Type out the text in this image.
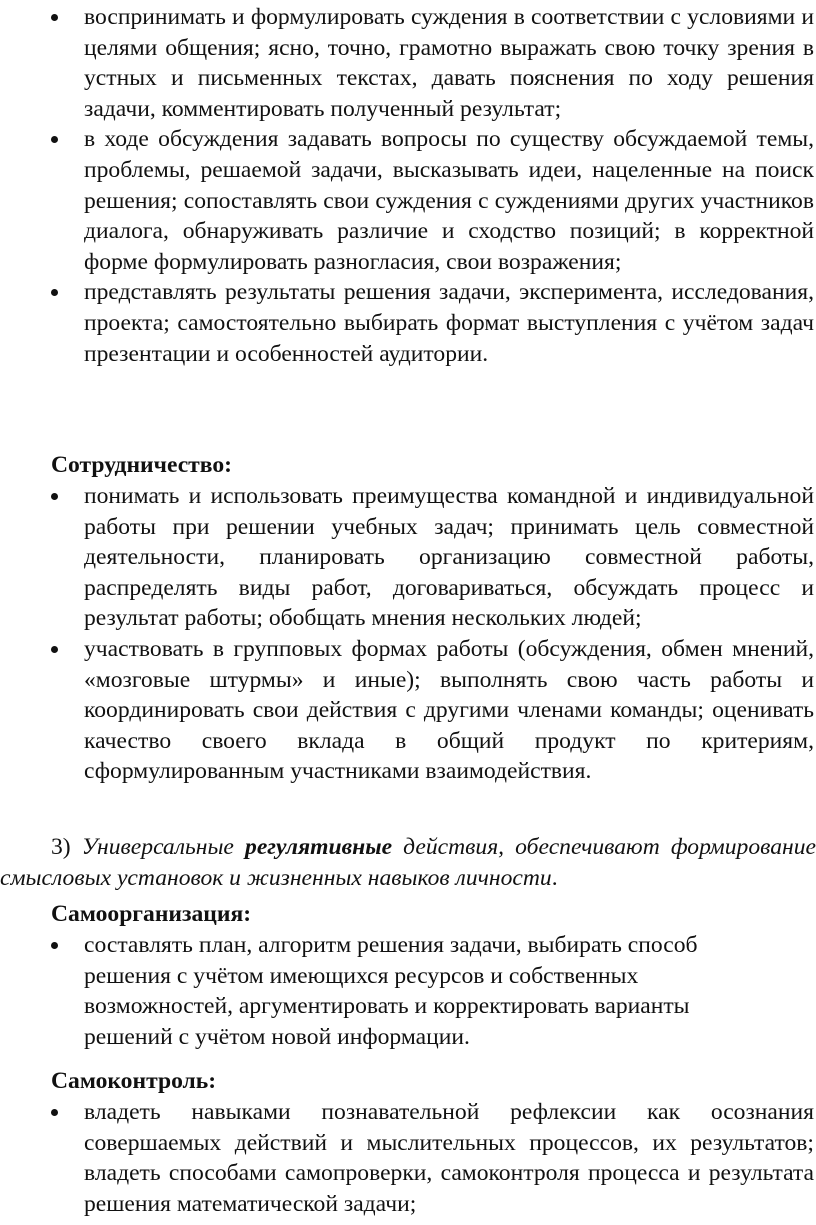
воспринимать и формулировать суждения в соответствии с условиями и целями общения; ясно, точно, грамотно выражать свою точку зрения в устных и письменных текстах, давать пояснения по ходу решения задачи, комментировать полученный результат;
в ходе обсуждения задавать вопросы по существу обсуждаемой темы, проблемы, решаемой задачи, высказывать идеи, нацеленные на поиск решения; сопоставлять свои суждения с суждениями других участников диалога, обнаруживать различие и сходство позиций; в корректной форме формулировать разногласия, свои возражения;
представлять результаты решения задачи, эксперимента, исследования, проекта; самостоятельно выбирать формат выступления с учётом задач презентации и особенностей аудитории.
Сотрудничество:
понимать и использовать преимущества командной и индивидуальной работы при решении учебных задач; принимать цель совместной деятельности, планировать организацию совместной работы, распределять виды работ, договариваться, обсуждать процесс и результат работы; обобщать мнения нескольких людей;
участвовать в групповых формах работы (обсуждения, обмен мнений, «мозговые штурмы» и иные); выполнять свою часть работы и координировать свои действия с другими членами команды; оценивать качество своего вклада в общий продукт по критериям, сформулированным участниками взаимодействия.
3) Универсальные регулятивные действия, обеспечивают формирование смысловых установок и жизненных навыков личности.
Самоорганизация:
составлять план, алгоритм решения задачи, выбирать способ решения с учётом имеющихся ресурсов и собственных возможностей, аргументировать и корректировать варианты решений с учётом новой информации.
Самоконтроль:
владеть навыками познавательной рефлексии как осознания совершаемых действий и мыслительных процессов, их результатов; владеть способами самопроверки, самоконтроля процесса и результата решения математической задачи;
